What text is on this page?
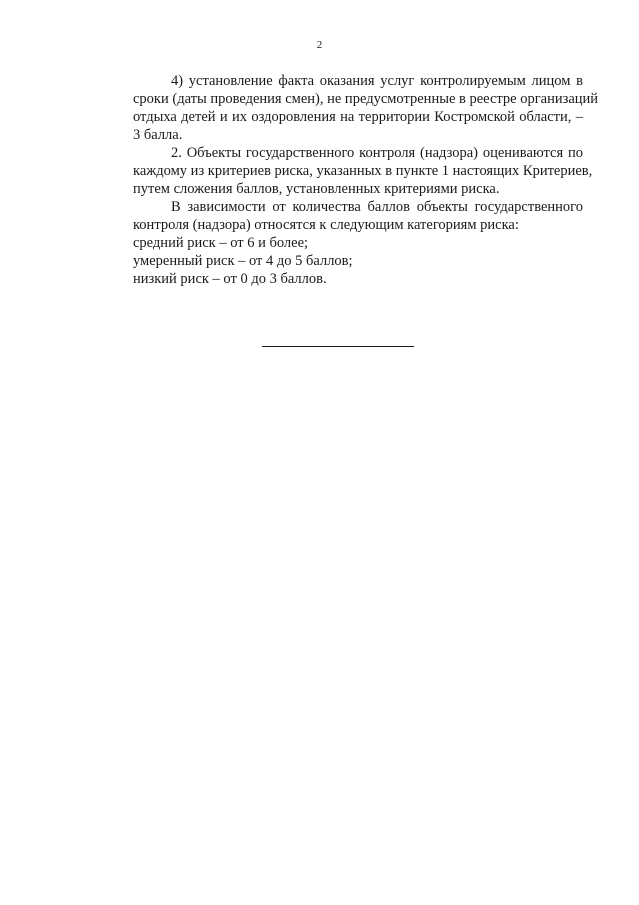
2
4) установление факта оказания услуг контролируемым лицом в
сроки (даты проведения смен), не предусмотренные в реестре организаций
отдыха детей и их оздоровления на территории Костромской области, –
3 балла.
2. Объекты государственного контроля (надзора) оцениваются по
каждому из критериев риска, указанных в пункте 1 настоящих Критериев,
путем сложения баллов, установленных критериями риска.
В зависимости от количества баллов объекты государственного
контроля (надзора) относятся к следующим категориям риска:
средний риск – от 6 и более;
умеренный риск – от 4 до 5 баллов;
низкий риск – от 0 до 3 баллов.
